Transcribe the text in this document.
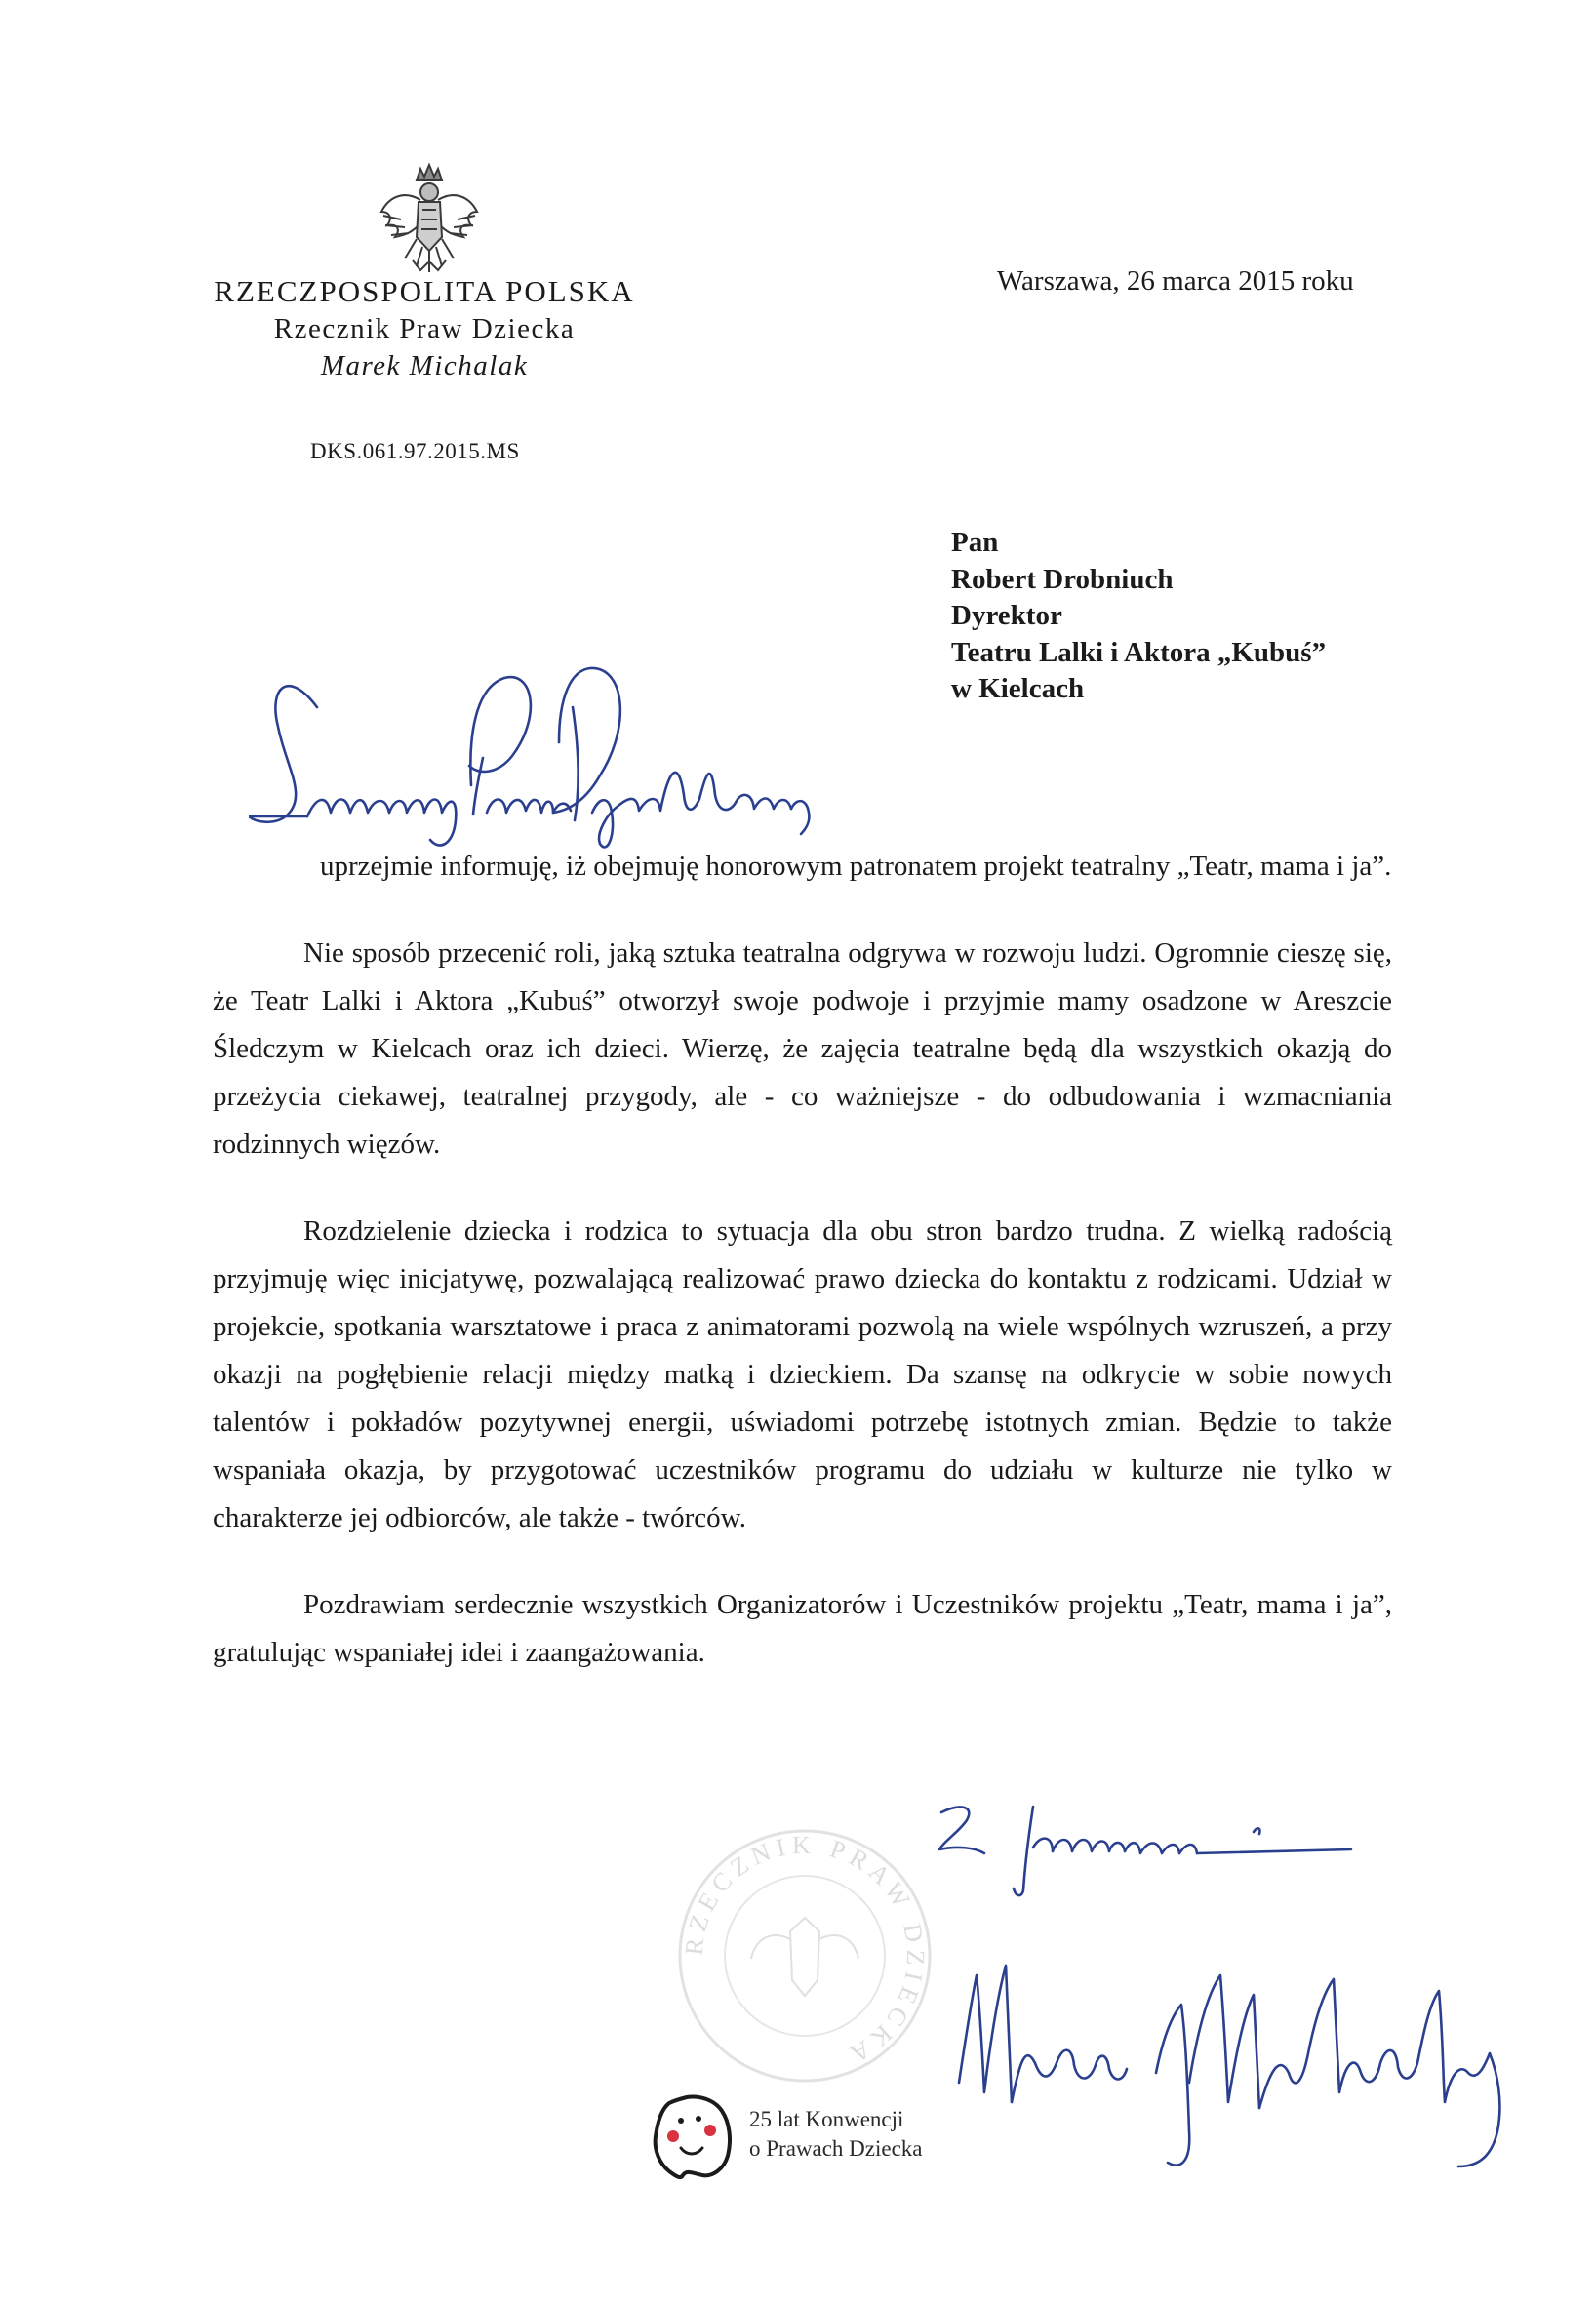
RZECZPOSPOLITA POLSKA
Rzecznik Praw Dziecka
Marek Michalak
DKS.061.97.2015.MS
Warszawa, 26 marca 2015 roku
Pan
Robert Drobniuch
Dyrektor
Teatru Lalki i Aktora „Kubuś”
w Kielcach

uprzejmie informuję, iż obejmuję honorowym patronatem projekt teatralny „Teatr, mama i ja”.

Nie sposób przecenić roli, jaką sztuka teatralna odgrywa w rozwoju ludzi. Ogromnie cieszę się, że Teatr Lalki i Aktora „Kubuś” otworzył swoje podwoje i przyjmie mamy osadzone w Areszcie Śledczym w Kielcach oraz ich dzieci. Wierzę, że zajęcia teatralne będą dla wszystkich okazją do przeżycia ciekawej, teatralnej przygody, ale - co ważniejsze - do odbudowania i wzmacniania rodzinnych więzów.

Rozdzielenie dziecka i rodzica to sytuacja dla obu stron bardzo trudna. Z wielką radością przyjmuję więc inicjatywę, pozwalającą realizować prawo dziecka do kontaktu z rodzicami. Udział w projekcie, spotkania warsztatowe i praca z animatorami pozwolą na wiele wspólnych wzruszeń, a przy okazji na pogłębienie relacji między matką i dzieckiem. Da szansę na odkrycie w sobie nowych talentów i pokładów pozytywnej energii, uświadomi potrzebę istotnych zmian. Będzie to także wspaniała okazja, by przygotować uczestników programu do udziału w kulturze nie tylko w charakterze jej odbiorców, ale także - twórców.

Pozdrawiam serdecznie wszystkich Organizatorów i Uczestników projektu „Teatr, mama i ja”, gratulując wspaniałej idei i zaangażowania.

RZECZNIK PRAW DZIECKA
25 lat Konwencji
o Prawach Dziecka
